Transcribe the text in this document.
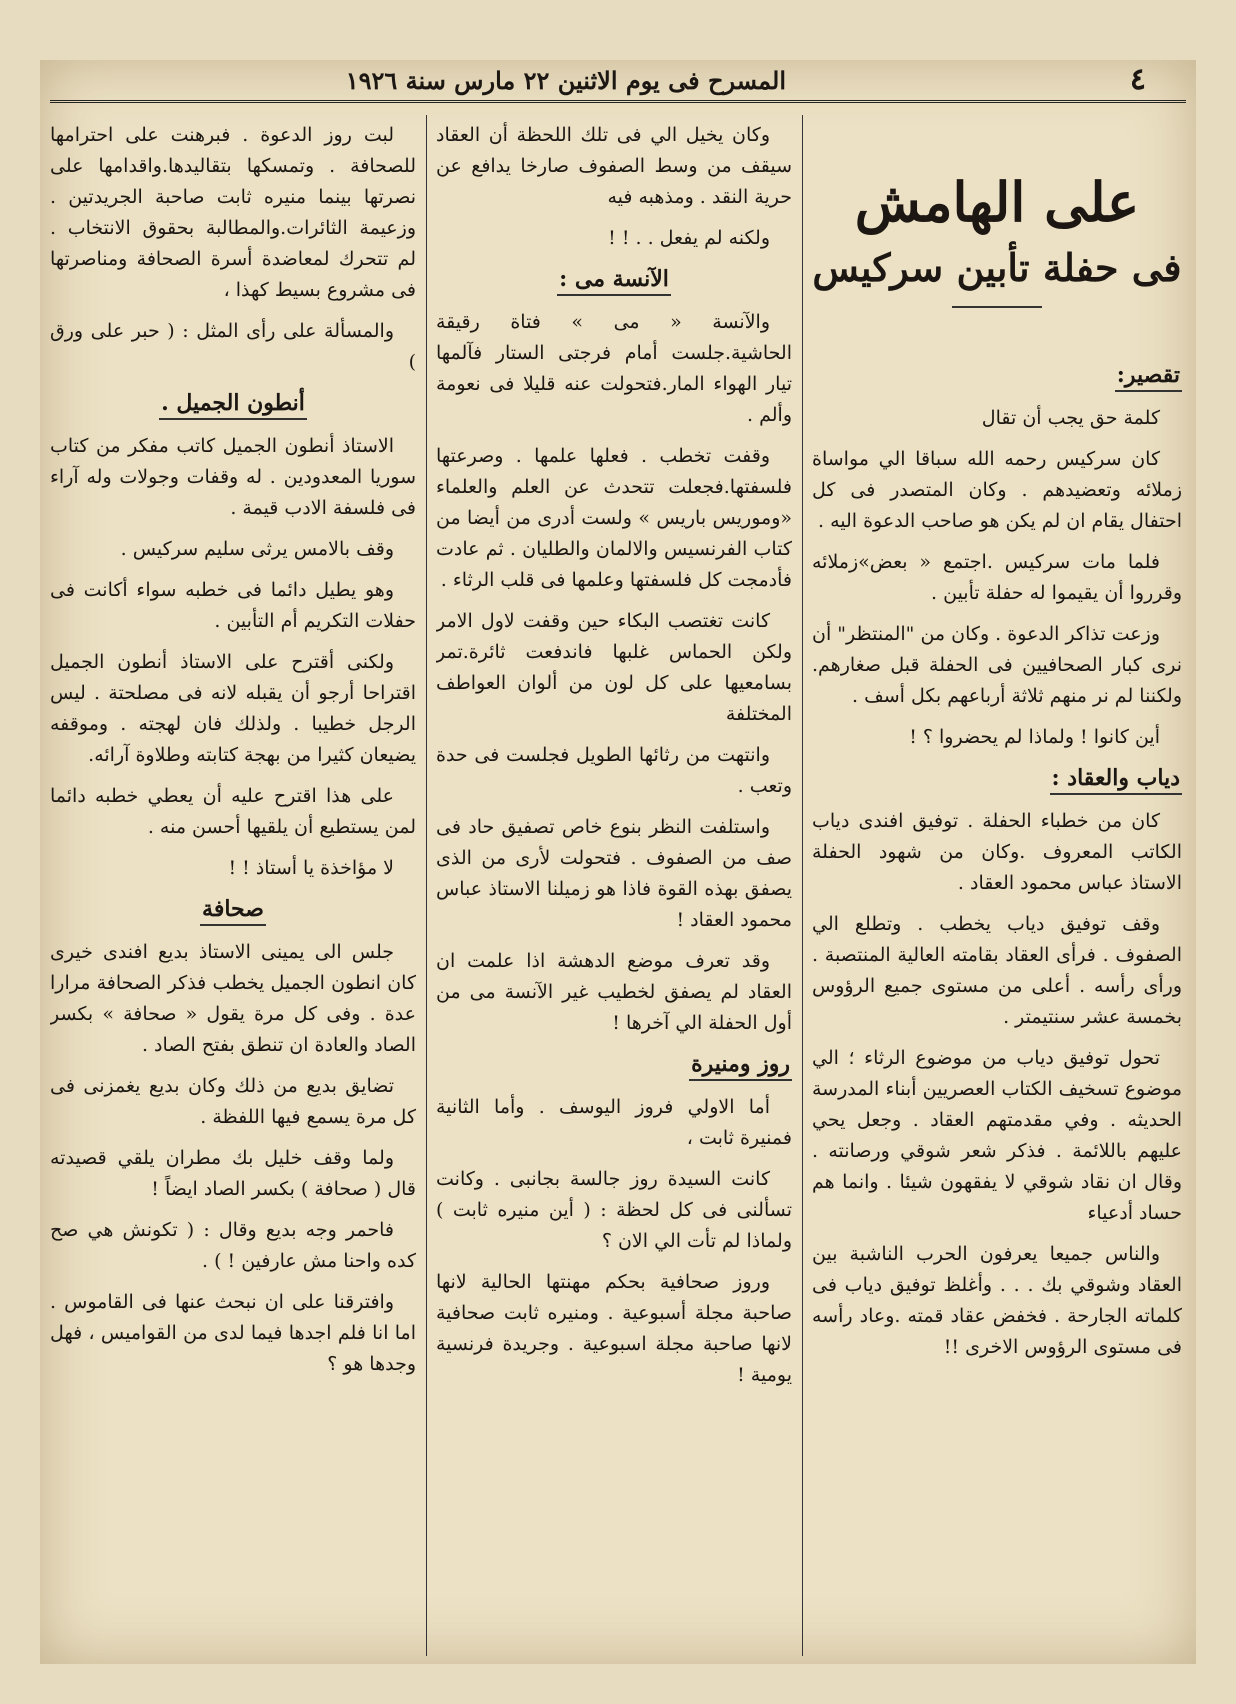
٤
المسرح فى يوم الاثنين ٢٢ مارس سنة ١٩٢٦
على الهامش
فى حفلة تأبين سركيس
تقصير:

كلمة حق يجب أن تقال

كان سركيس رحمه الله سباقا الي مواساة زملائه وتعضيدهم . وكان المتصدر فى كل احتفال يقام ان لم يكن هو صاحب الدعوة اليه .

فلما مات سركيس .اجتمع « بعض»زملائه وقرروا أن يقيموا له حفلة تأبين .

وزعت تذاكر الدعوة . وكان من "المنتظر" أن نرى كبار الصحافيين فى الحفلة قبل صغارهم. ولكننا لم نر منهم ثلاثة أرباعهم بكل أسف .

أين كانوا ! ولماذا لم يحضروا ؟ !

دياب والعقاد :

كان من خطباء الحفلة . توفيق افندى دياب الكاتب المعروف .وكان من شهود الحفلة الاستاذ عباس محمود العقاد .

وقف توفيق دياب يخطب . وتطلع الي الصفوف . فرأى العقاد بقامته العالية المنتصبة . ورأى رأسه . أعلى من مستوى جميع الرؤوس بخمسة عشر سنتيمتر .

تحول توفيق دياب من موضوع الرثاء ؛ الي موضوع تسخيف الكتاب العصريين أبناء المدرسة الحديثه . وفي مقدمتهم العقاد . وجعل يحي عليهم باللائمة . فذكر شعر شوقي ورصانته . وقال ان نقاد شوقي لا يفقهون شيئا . وانما هم حساد أدعياء

والناس جميعا يعرفون الحرب الناشبة بين العقاد وشوقي بك . . . وأغلظ توفيق دياب فى كلماته الجارحة . فخفض عقاد قمته .وعاد رأسه فى مستوى الرؤوس الاخرى !!

وكان يخيل الي فى تلك اللحظة أن العقاد سيقف من وسط الصفوف صارخا يدافع عن حرية النقد . ومذهبه فيه

ولكنه لم يفعل . . ! !

الآنسة مى :

والآنسة « مى » فتاة رقيقة الحاشية.جلست أمام فرجتى الستار فآلمها تيار الهواء المار.فتحولت عنه قليلا فى نعومة وألم .

وقفت تخطب . فعلها علمها . وصرعتها فلسفتها.فجعلت تتحدث عن العلم والعلماء «وموريس باريس » ولست أدرى من أيضا من كتاب الفرنسيس والالمان والطليان . ثم عادت فأدمجت كل فلسفتها وعلمها فى قلب الرثاء .

كانت تغتصب البكاء حين وقفت لاول الامر ولكن الحماس غلبها فاندفعت ثائرة.تمر بسامعيها على كل لون من ألوان العواطف المختلفة

وانتهت من رثائها الطويل فجلست فى حدة وتعب .

واستلفت النظر بنوع خاص تصفيق حاد فى صف من الصفوف . فتحولت لأرى من الذى يصفق بهذه القوة فاذا هو زميلنا الاستاذ عباس محمود العقاد !

وقد تعرف موضع الدهشة اذا علمت ان العقاد لم يصفق لخطيب غير الآنسة مى من أول الحفلة الي آخرها !

روز ومنيرة

أما الاولي فروز اليوسف . وأما الثانية فمنيرة ثابت ،

كانت السيدة روز جالسة بجانبى . وكانت تسألنى فى كل لحظة : ( أين منيره ثابت ) ولماذا لم تأت الي الان ؟

وروز صحافية بحكم مهنتها الحالية لانها صاحبة مجلة أسبوعية . ومنيره ثابت صحافية لانها صاحبة مجلة اسبوعية . وجريدة فرنسية يومية !

لبت روز الدعوة . فبرهنت على احترامها للصحافة . وتمسكها بتقاليدها.واقدامها على نصرتها بينما منيره ثابت صاحبة الجريدتين . وزعيمة الثائرات.والمطالبة بحقوق الانتخاب . لم تتحرك لمعاضدة أسرة الصحافة ومناصرتها فى مشروع بسيط كهذا ،

والمسألة على رأى المثل : ( حبر على ورق )

أنطون الجميل .

الاستاذ أنطون الجميل كاتب مفكر من كتاب سوريا المعدودين . له وقفات وجولات وله آراء فى فلسفة الادب قيمة .

وقف بالامس يرثى سليم سركيس .

وهو يطيل دائما فى خطبه سواء أكانت فى حفلات التكريم أم التأبين .

ولكنى أقترح على الاستاذ أنطون الجميل اقتراحا أرجو أن يقبله لانه فى مصلحتة . ليس الرجل خطيبا . ولذلك فان لهجته . وموقفه يضيعان كثيرا من بهجة كتابته وطلاوة آرائه.

على هذا اقترح عليه أن يعطي خطبه دائما لمن يستطيع أن يلقيها أحسن منه .

لا مؤاخذة يا أستاذ ! !

صحافة

جلس الى يمينى الاستاذ بديع افندى خيرى كان انطون الجميل يخطب فذكر الصحافة مرارا عدة . وفى كل مرة يقول « صحافة » بكسر الصاد والعادة ان تنطق بفتح الصاد .

تضايق بديع من ذلك وكان بديع يغمزنى فى كل مرة يسمع فيها اللفظة .

ولما وقف خليل بك مطران يلقي قصيدته قال ( صحافة ) بكسر الصاد ايضاً !

فاحمر وجه بديع وقال : ( تكونش هي صح كده واحنا مش عارفين ! ) .

وافترقنا على ان نبحث عنها فى القاموس . اما انا فلم اجدها فيما لدى من القواميس ، فهل وجدها هو ؟
